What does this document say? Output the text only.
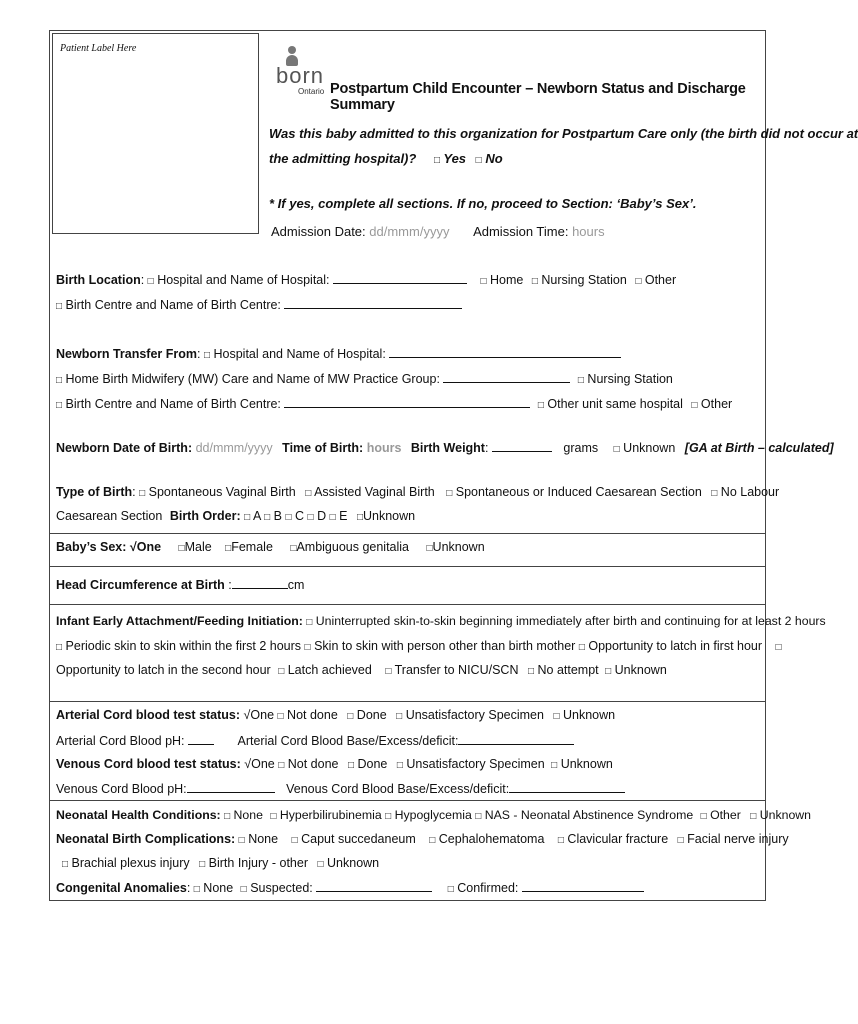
Patient Label Here
born
Ontario Postpartum Child Encounter – Newborn Status and Discharge Summary
Was this baby admitted to this organization for Postpartum Care only (the birth did not occur at
the admitting hospital)? □ Yes □ No
* If yes, complete all sections. If no, proceed to Section: ‘Baby’s Sex’.
Admission Date: dd/mmm/yyyy Admission Time: hours
Birth Location: □ Hospital and Name of Hospital:	□ Home □ Nursing Station □ Other
□ Birth Centre and Name of Birth Centre:
Newborn Transfer From: □ Hospital and Name of Hospital:
□ Home Birth Midwifery (MW) Care and Name of MW Practice Group:	□ Nursing Station
□ Birth Centre and Name of Birth Centre:	□ Other unit same hospital □ Other
Newborn Date of Birth: dd/mmm/yyyy Time of Birth: hours Birth Weight:	grams □ Unknown [GA at Birth – calculated]
Type of Birth: □ Spontaneous Vaginal Birth □ Assisted Vaginal Birth □ Spontaneous or Induced Caesarean Section □ No Labour
Caesarean Section Birth Order: □ A □ B □ C □ D □ E □Unknown
Baby’s Sex: √One □Male □Female □Ambiguous genitalia □Unknown
Head Circumference at Birth :	cm
Infant Early Attachment/Feeding Initiation: □ Uninterrupted skin-to-skin beginning immediately after birth and continuing for at least 2 hours
□ Periodic skin to skin within the first 2 hours □ Skin to skin with person other than birth mother □ Opportunity to latch in first hour □
Opportunity to latch in the second hour □ Latch achieved □ Transfer to NICU/SCN □ No attempt □ Unknown
Arterial Cord blood test status: √One □ Not done □ Done □ Unsatisfactory Specimen □ Unknown
Arterial Cord Blood pH:	Arterial Cord Blood Base/Excess/deficit:
Venous Cord blood test status: √One □ Not done □ Done □ Unsatisfactory Specimen □ Unknown
Venous Cord Blood pH:	Venous Cord Blood Base/Excess/deficit:
Neonatal Health Conditions: □ None □ Hyperbilirubinemia □ Hypoglycemia □ NAS - Neonatal Abstinence Syndrome □ Other □ Unknown
Neonatal Birth Complications: □ None □ Caput succedaneum □ Cephalohematoma □ Clavicular fracture □ Facial nerve injury
□ Brachial plexus injury □ Birth Injury - other □ Unknown
Congenital Anomalies: □ None □ Suspected:	□ Confirmed:
